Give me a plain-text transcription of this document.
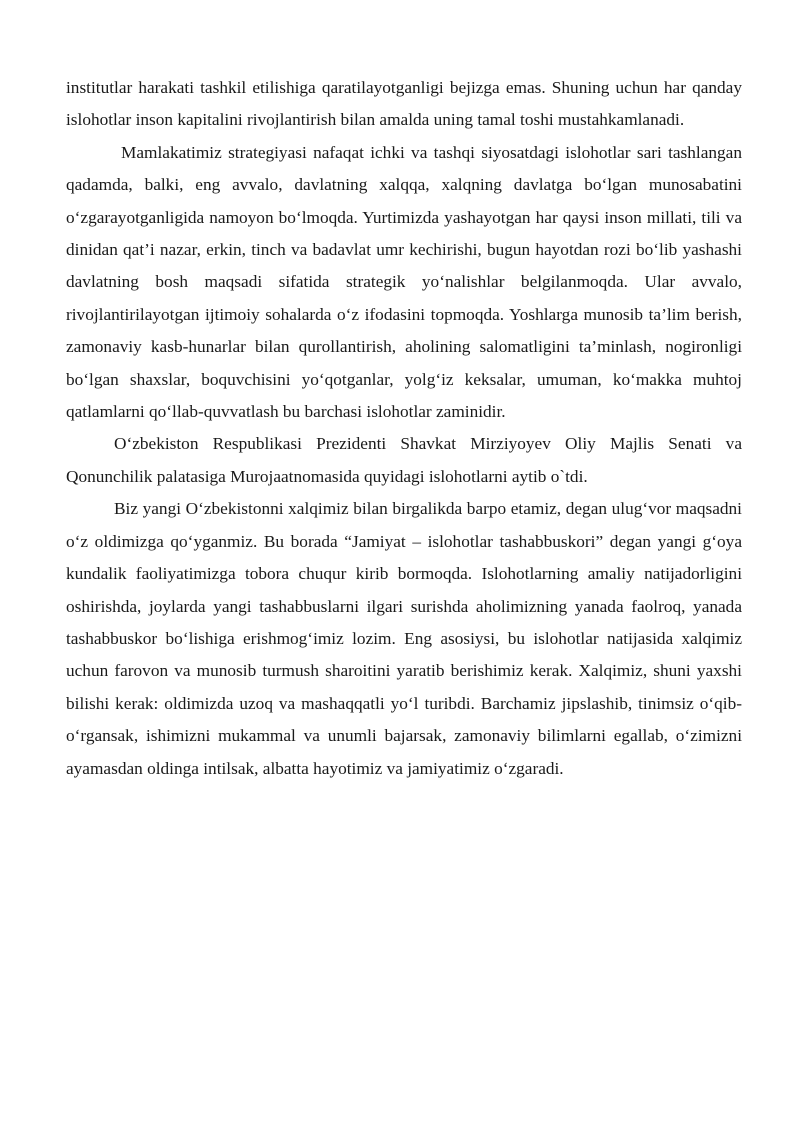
institutlar harakati tashkil etilishiga qaratilayotganligi bejizga emas. Shuning uchun har qanday islohotlar inson kapitalini rivojlantirish bilan amalda uning tamal toshi mustahkamlanadi.

Mamlakatimiz strategiyasi nafaqat ichki va tashqi siyosatdagi islohotlar sari tashlangan qadamda, balki, eng avvalo, davlatning xalqqa, xalqning davlatga bo‘lgan munosabatini o‘zgarayotganligida namoyon bo‘lmoqda. Yurtimizda yashayotgan har qaysi inson millati, tili va dinidan qat’i nazar, erkin, tinch va badavlat umr kechirishi, bugun hayotdan rozi bo‘lib yashashi davlatning bosh maqsadi sifatida strategik yo‘nalishlar belgilanmoqda. Ular avvalo, rivojlantirilayotgan ijtimoiy sohalarda o‘z ifodasini topmoqda. Yoshlarga munosib ta’lim berish, zamonaviy kasb-hunarlar bilan qurollantirish, aholining salomatligini ta’minlash, nogironligi bo‘lgan shaxslar, boquvchisini yo‘qotganlar, yolg‘iz keksalar, umuman, ko‘makka muhtoj qatlamlarni qo‘llab-quvvatlash bu barchasi islohotlar zaminidir.

O‘zbekiston Respublikasi Prezidenti Shavkat Mirziyoyev Oliy Majlis Senati va Qonunchilik palatasiga Murojaatnomasida quyidagi islohotlarni aytib o`tdi.

Biz yangi O‘zbekistonni xalqimiz bilan birgalikda barpo etamiz, degan ulug‘vor maqsadni o‘z oldimizga qo‘yganmiz. Bu borada “Jamiyat – islohotlar tashabbuskori” degan yangi g‘oya kundalik faoliyatimizga tobora chuqur kirib bormoqda. Islohotlarning amaliy natijadorligini oshirishda, joylarda yangi tashabbuslarni ilgari surishda aholimizning yanada faolroq, yanada tashabbuskor bo‘lishiga erishmog‘imiz lozim. Eng asosiysi, bu islohotlar natijasida xalqimiz uchun farovon va munosib turmush sharoitini yaratib berishimiz kerak. Xalqimiz, shuni yaxshi bilishi kerak: oldimizda uzoq va mashaqqatli yo‘l turibdi. Barchamiz jipslashib, tinimsiz o‘qib-o‘rgansak, ishimizni mukammal va unumli bajarsak, zamonaviy bilimlarni egallab, o‘zimizni ayamasdan oldinga intilsak, albatta hayotimiz va jamiyatimiz o‘zgaradi.
